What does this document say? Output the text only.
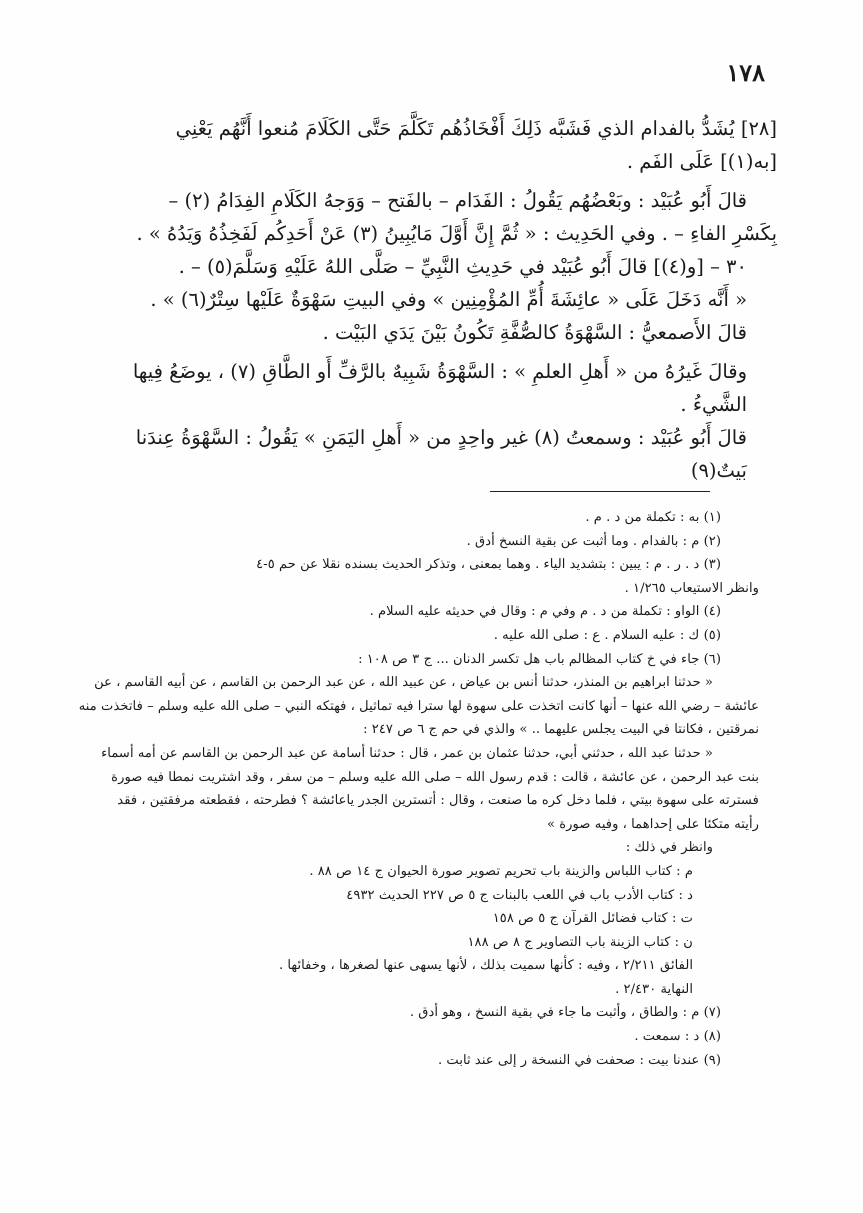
١٧٨

[٢٨] يُشَدُّ بالفدام الذي فَشَبَّه ذَلِكَ أَفْخَاذُهُم تَكَلَّمَ حَتَّى الكَلَامَ مُنعوا أَنَّهُم يَعْنِي

[به(١)] عَلَى الفَم .

قالَ أَبُو عُبَيْد : وبَعْضُهُم يَقُولُ : الفَدَام – بالفَتح – وَوَجهُ الكَلَامِ الفِدَامُ (٢) –

بِكَسْرِ الفاءِ – . وفي الحَدِيث : « ثُمَّ إِنَّ أَوَّلَ مَايُبِينُ (٣) عَنْ أَحَدِكُم لَفَخِذُهُ وَيَدُهُ » .

٣٠ – [و(٤)] قالَ أَبُو عُبَيْد في حَدِيثِ النَّبِيِّ – صَلَّى اللهُ عَلَيْهِ وَسَلَّمَ(٥) – .

« أَنَّه دَخَلَ عَلَى « عائِشَةَ أُمِّ المُؤْمِنِين » وفي البيتِ سَهْوَةٌ عَلَيْها سِتْرٌ(٦) » .

قالَ الأَصمعيُّ : السَّهْوَةُ كالصُّفَّةِ تَكُونُ بَيْنَ يَدَي البَيْت .

وقالَ غَيرُهُ من « أَهلِ العلمِ » : السَّهْوَةُ شَبِيهٌ بالرَّفِّ أَو الطَّاقِ (٧) ، يوضَعُ فِيها الشَّيءُ .

قالَ أَبُو عُبَيْد : وسمعتُ (٨) غير واحِدٍ من « أَهلِ اليَمَنِ » يَقُولُ : السَّهْوَةُ عِندَنا بَيتٌ(٩)

(١) به : تكملة من د . م .

(٢) م : بالفدام . وما أثبت عن بقية النسخ أدق .

(٣) د . ر . م : يبين : بتشديد الياء . وهما بمعنى ، وتذكر الحديث بسنده نقلا عن حم ٥-٤

وانظر الاستيعاب ١/٢٦٥ .

(٤) الواو : تكملة من د . م وفي م : وقال في حديثه عليه السلام .

(٥) ك : عليه السلام . ع : صلى الله عليه .

(٦) جاء في خ كتاب المظالم باب هل تكسر الدنان ... ج ٣ ص ١٠٨ :

« حدثنا ابراهيم بن المنذر، حدثنا أنس بن عياض ، عن عبيد الله ، عن عبد الرحمن بن القاسم ، عن أبيه القاسم ، عن

عائشة – رضي الله عنها – أنها كانت اتخذت على سهوة لها سترا فيه تماثيل ، فهتكه النبي – صلى الله عليه وسلم – فاتخذت منه

نمرقتين ، فكانتا في البيت يجلس عليهما .. » والذي في حم ج ٦ ص ٢٤٧ :

« حدثنا عبد الله ، حدثني أبي، حدثنا عثمان بن عمر ، قال : حدثنا أسامة عن عبد الرحمن بن القاسم عن أمه أسماء

بنت عبد الرحمن ، عن عائشة ، قالت : قدم رسول الله – صلى الله عليه وسلم – من سفر ، وقد اشتريت نمطا فيه صورة

فسترته على سهوة بيتي ، فلما دخل كره ما صنعت ، وقال : أتسترين الجدر ياعائشة ؟ فطرحته ، فقطعته مرفقتين ، فقد

رأيته متكئا على إحداهما ، وفيه صورة »

وانظر في ذلك :

م : كتاب اللباس والزينة باب تحريم تصوير صورة الحيوان ج ١٤ ص ٨٨ .

د : كتاب الأدب باب في اللعب بالبنات ج ٥ ص ٢٢٧ الحديث ٤٩٣٢

ت : كتاب فضائل القرآن ج ٥ ص ١٥٨

ن : كتاب الزينة باب التصاوير ج ٨ ص ١٨٨

الفائق ٢/٢١١ ، وفيه : كأنها سميت بذلك ، لأنها يسهى عنها لصغرها ، وخفائها .

النهاية ٢/٤٣٠ .

(٧) م : والطاق ، وأثبت ما جاء في بقية النسخ ، وهو أدق .

(٨) د : سمعت .

(٩) عندنا بيت : صحفت في النسخة ر إلى عند ثابت .
